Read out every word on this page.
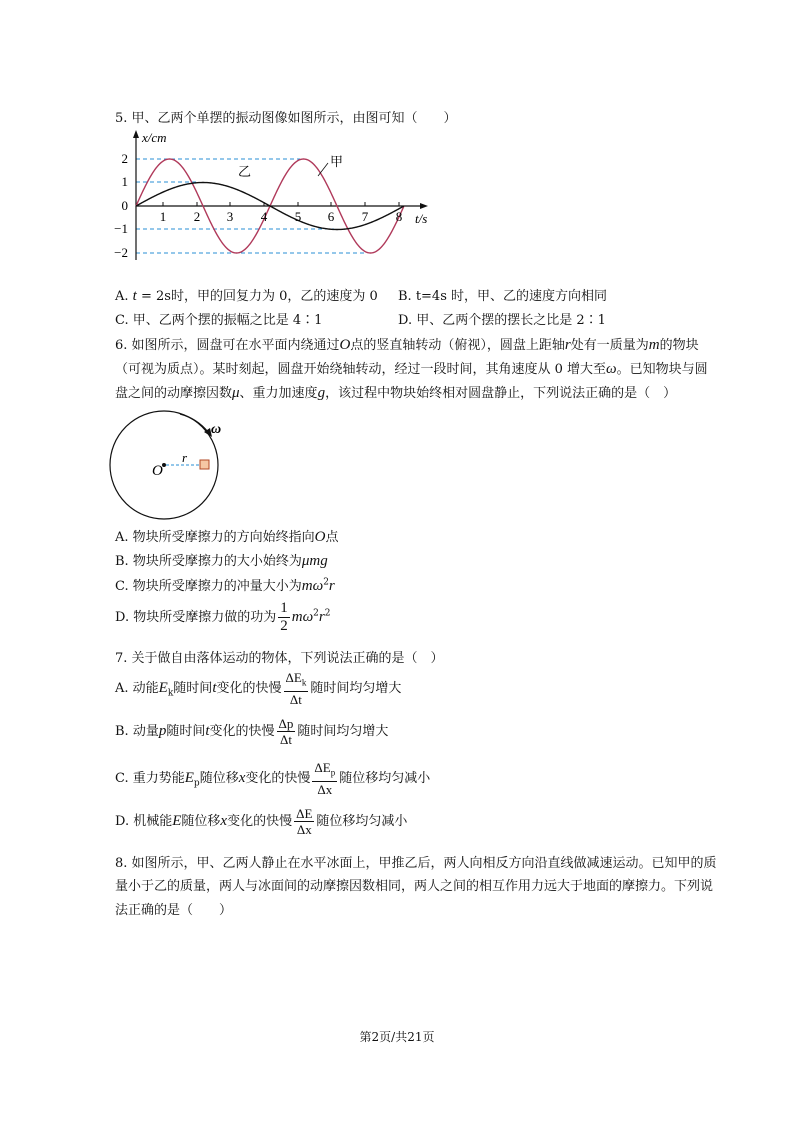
5. 甲、乙两个单摆的振动图像如图所示，由图可知（　　）
x/cm
t/s
2
1
0
−1
−2
1 2 3 4 5 6 7 8
乙
甲
A. t = 2s时，甲的回复力为 0，乙的速度为 0 B. t=4s 时，甲、乙的速度方向相同
C. 甲、乙两个摆的振幅之比是 4∶1	D. 甲、乙两个摆的摆长之比是 2∶1
6. 如图所示，圆盘可在水平面内绕通过O点的竖直轴转动（俯视），圆盘上距轴r处有一质量为m的物块
（可视为质点）。某时刻起，圆盘开始绕轴转动，经过一段时间，其角速度从 0 增大至ω。已知物块与圆
盘之间的动摩擦因数μ、重力加速度g，该过程中物块始终相对圆盘静止，下列说法正确的是（　）
O
r
ω
A. 物块所受摩擦力的方向始终指向O点
B. 物块所受摩擦力的大小始终为μmg
C. 物块所受摩擦力的冲量大小为$m\omega^2r$
D. 物块所受摩擦力做的功为 $\frac{1}{2} m\omega^2r^2$
7. 关于做自由落体运动的物体，下列说法正确的是（　）
A. 动能$E_k$随时间t变化的快慢 $\frac{\Delta E_k}{\Delta t}$ 随时间均匀增大
B. 动量p随时间t变化的快慢 $\frac{\Delta p}{\Delta t}$ 随时间均匀增大
C. 重力势能$E_p$随位移x变化的快慢 $\frac{\Delta E_p}{\Delta x}$ 随位移均匀减小
D. 机械能E随位移x变化的快慢 $\frac{\Delta E}{\Delta x}$ 随位移均匀减小
8. 如图所示，甲、乙两人静止在水平冰面上，甲推乙后，两人向相反方向沿直线做减速运动。已知甲的质
量小于乙的质量，两人与冰面间的动摩擦因数相同，两人之间的相互作用力远大于地面的摩擦力。下列说
法正确的是（　　）
第2页/共21页
